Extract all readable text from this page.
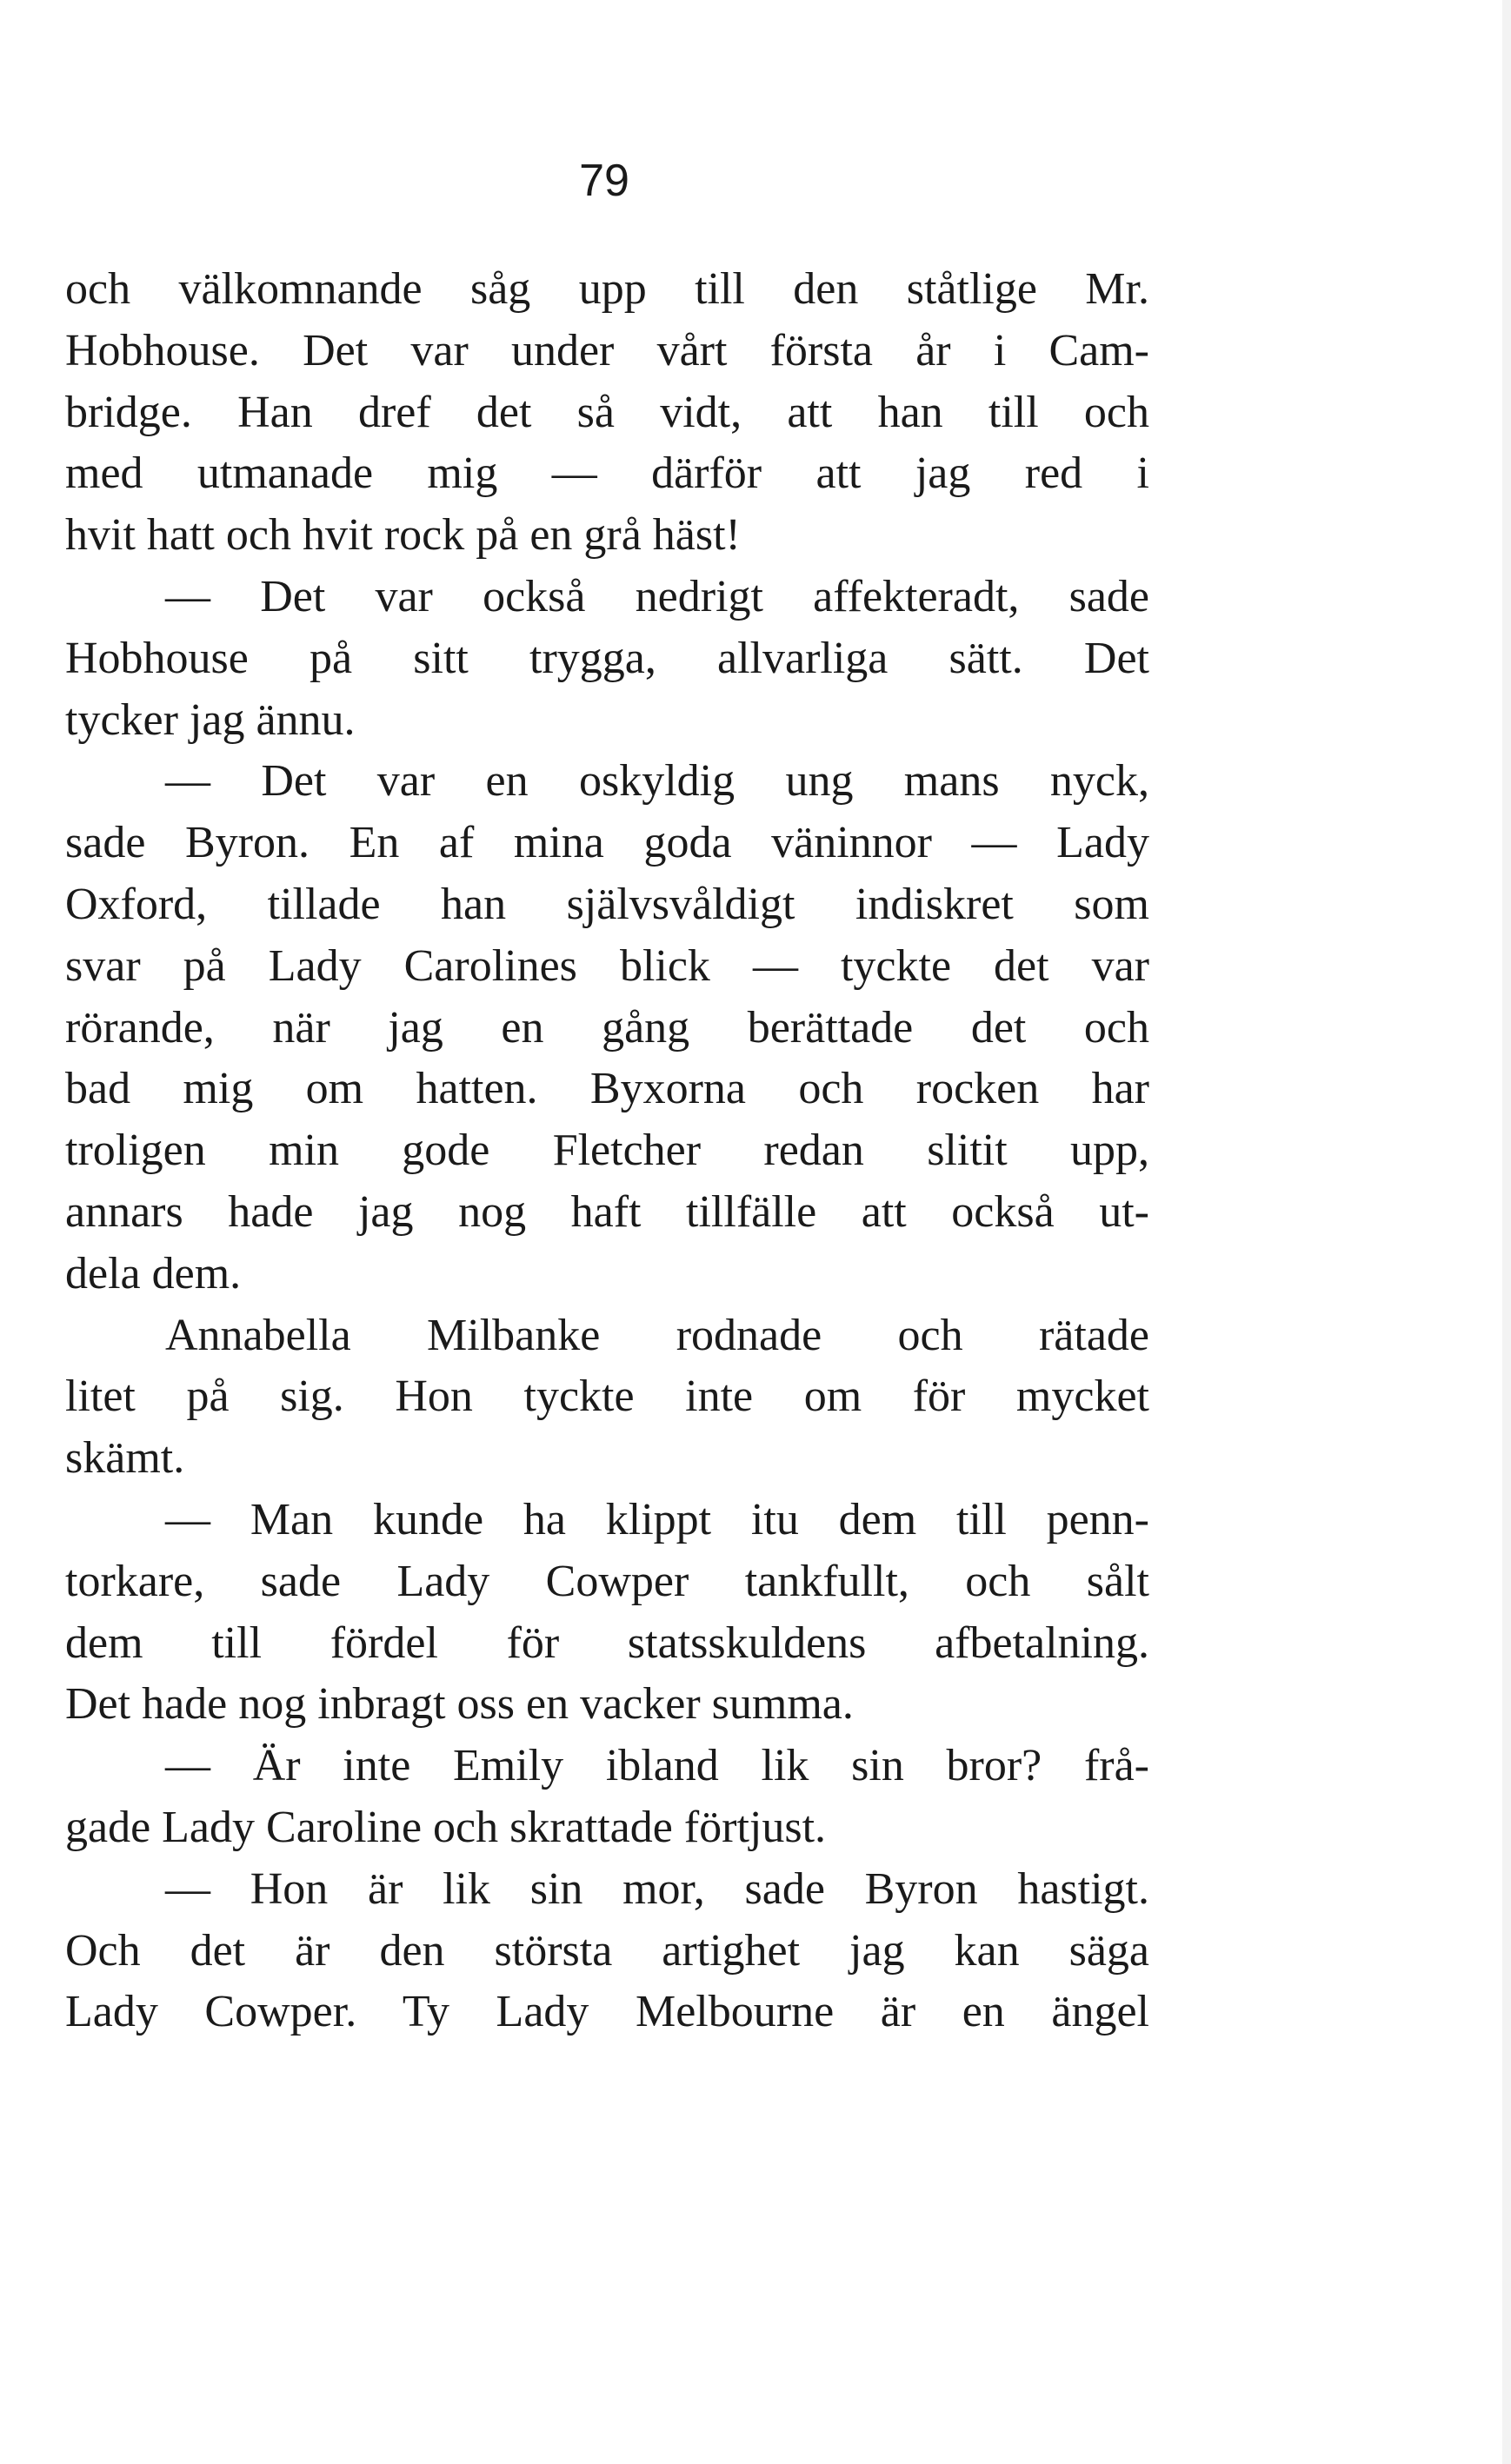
79
och välkomnande såg upp till den ståtlige Mr.
Hobhouse. Det var under vårt första år i Cam-
bridge. Han dref det så vidt, att han till och
med utmanade mig — därför att jag red i
hvit hatt och hvit rock på en grå häst!
— Det var också nedrigt affekteradt, sade
Hobhouse på sitt trygga, allvarliga sätt. Det
tycker jag ännu.
— Det var en oskyldig ung mans nyck,
sade Byron. En af mina goda väninnor — Lady
Oxford, tillade han självsvåldigt indiskret som
svar på Lady Carolines blick — tyckte det var
rörande, när jag en gång berättade det och
bad mig om hatten. Byxorna och rocken har
troligen min gode Fletcher redan slitit upp,
annars hade jag nog haft tillfälle att också ut-
dela dem.
Annabella Milbanke rodnade och rätade
litet på sig. Hon tyckte inte om för mycket
skämt.
— Man kunde ha klippt itu dem till penn-
torkare, sade Lady Cowper tankfullt, och sålt
dem till fördel för statsskuldens afbetalning.
Det hade nog inbragt oss en vacker summa.
— Är inte Emily ibland lik sin bror? frå-
gade Lady Caroline och skrattade förtjust.
— Hon är lik sin mor, sade Byron hastigt.
Och det är den största artighet jag kan säga
Lady Cowper. Ty Lady Melbourne är en ängel
